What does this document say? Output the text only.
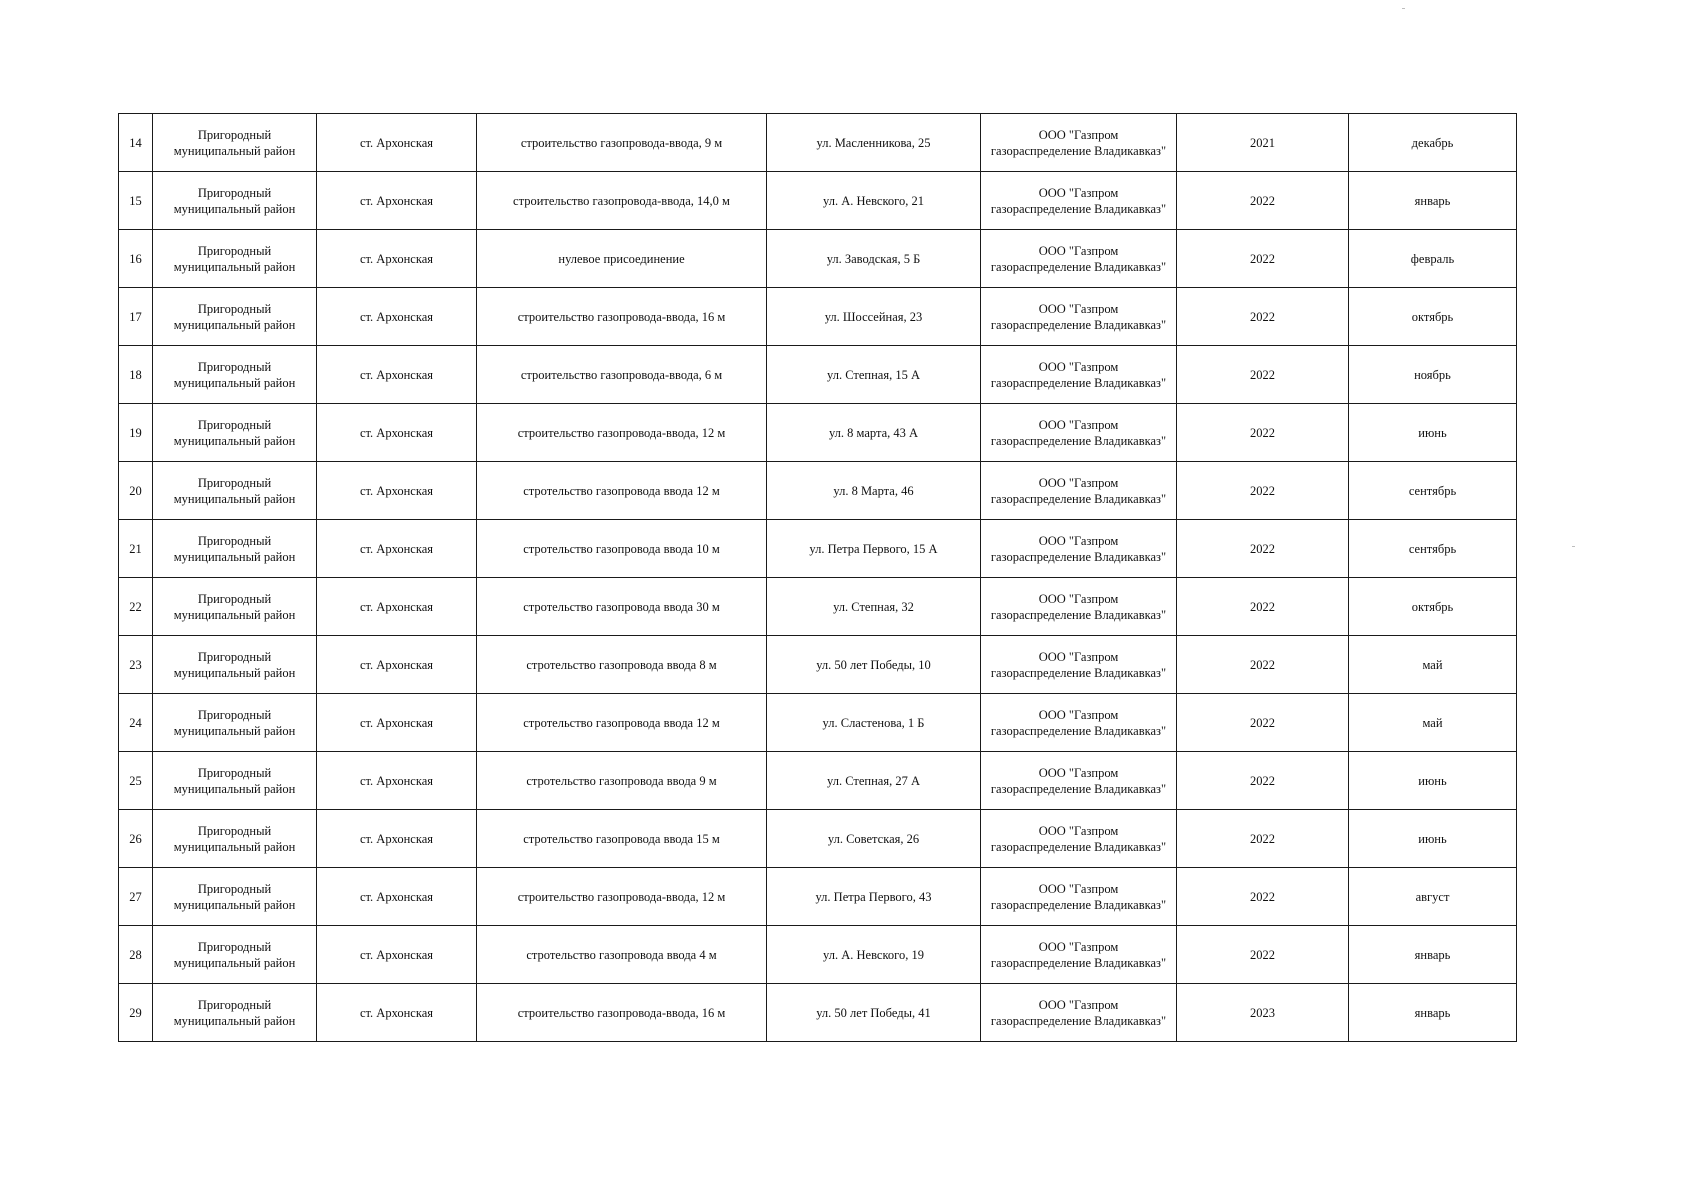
14	Пригородный
муниципальный район	ст. Архонская	строительство газопровода-ввода, 9 м	ул. Масленникова, 25	ООО "Газпром
газораспределение Владикавказ"	2021	декабрь

15	Пригородный
муниципальный район	ст. Архонская	строительство газопровода-ввода, 14,0 м	ул. А. Невского, 21	ООО "Газпром
газораспределение Владикавказ"	2022	январь

16	Пригородный
муниципальный район	ст. Архонская	нулевое присоединение	ул. Заводская, 5 Б	ООО "Газпром
газораспределение Владикавказ"	2022	февраль

17	Пригородный
муниципальный район	ст. Архонская	строительство газопровода-ввода, 16 м	ул. Шоссейная, 23	ООО "Газпром
газораспределение Владикавказ"	2022	октябрь

18	Пригородный
муниципальный район	ст. Архонская	строительство газопровода-ввода, 6 м	ул. Степная, 15 А	ООО "Газпром
газораспределение Владикавказ"	2022	ноябрь

19	Пригородный
муниципальный район	ст. Архонская	строительство газопровода-ввода, 12 м	ул. 8 марта, 43 А	ООО "Газпром
газораспределение Владикавказ"	2022	июнь

20	Пригородный
муниципальный район	ст. Архонская	стротельство газопровода ввода 12 м	ул. 8 Марта, 46	ООО "Газпром
газораспределение Владикавказ"	2022	сентябрь

21	Пригородный
муниципальный район	ст. Архонская	стротельство газопровода ввода 10 м	ул. Петра Первого, 15 А	ООО "Газпром
газораспределение Владикавказ"	2022	сентябрь

22	Пригородный
муниципальный район	ст. Архонская	стротельство газопровода ввода 30 м	ул. Степная, 32	ООО "Газпром
газораспределение Владикавказ"	2022	октябрь

23	Пригородный
муниципальный район	ст. Архонская	стротельство газопровода ввода 8 м	ул. 50 лет Победы, 10	ООО "Газпром
газораспределение Владикавказ"	2022	май

24	Пригородный
муниципальный район	ст. Архонская	стротельство газопровода ввода 12 м	ул. Сластенова, 1 Б	ООО "Газпром
газораспределение Владикавказ"	2022	май

25	Пригородный
муниципальный район	ст. Архонская	стротельство газопровода ввода 9 м	ул. Степная, 27 А	ООО "Газпром
газораспределение Владикавказ"	2022	июнь

26	Пригородный
муниципальный район	ст. Архонская	стротельство газопровода ввода 15 м	ул. Советская, 26	ООО "Газпром
газораспределение Владикавказ"	2022	июнь

27	Пригородный
муниципальный район	ст. Архонская	строительство газопровода-ввода, 12 м	ул. Петра Первого, 43	ООО "Газпром
газораспределение Владикавказ"	2022	август

28	Пригородный
муниципальный район	ст. Архонская	стротельство газопровода ввода 4 м	ул. А. Невского, 19	ООО "Газпром
газораспределение Владикавказ"	2022	январь

29	Пригородный
муниципальный район	ст. Архонская	строительство газопровода-ввода, 16 м	ул. 50 лет Победы, 41	ООО "Газпром
газораспределение Владикавказ"	2023	январь
